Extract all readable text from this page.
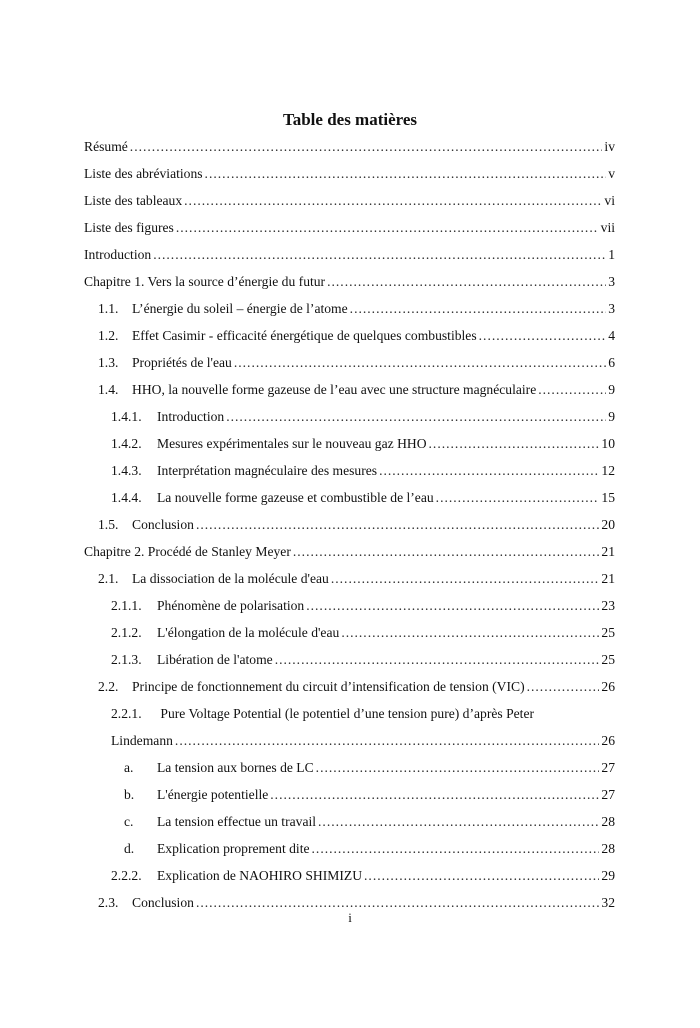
Table des matières
Résumé .....	iv
Liste des abréviations .....	v
Liste des tableaux .....	vi
Liste des figures .....	vii
Introduction .....	1
Chapitre 1. Vers la source d’énergie du futur .....	3
1.1.	L’énergie du soleil – énergie de l’atome .....	3
1.2.	Effet Casimir - efficacité énergétique de quelques combustibles .....	4
1.3.	Propriétés de l'eau .....	6
1.4.	HHO, la nouvelle forme gazeuse de l’eau avec une structure magnéculaire .....	9
1.4.1.	Introduction .....	9
1.4.2.	Mesures expérimentales sur le nouveau gaz HHO .....	10
1.4.3.	Interprétation magnéculaire des mesures .....	12
1.4.4.	La nouvelle forme gazeuse et combustible de l’eau .....	15
1.5.	Conclusion .....	20
Chapitre 2. Procédé de Stanley Meyer .....	21
2.1.	La dissociation de la molécule d'eau .....	21
2.1.1.	Phénomène de polarisation .....	23
2.1.2.	L'élongation de la molécule d'eau .....	25
2.1.3.	Libération de l'atome .....	25
2.2.	Principe de fonctionnement du circuit d’intensification de tension (VIC) .....	26
2.2.1. Pure Voltage Potential (le potentiel d’une tension pure) d’après Peter
Lindemann .....	26
a.	La tension aux bornes de LC .....	27
b.	L'énergie potentielle .....	27
c.	La tension effectue un travail .....	28
d.	Explication proprement dite .....	28
2.2.2.	Explication de NAOHIRO SHIMIZU .....	29
2.3.	Conclusion .....	32
i
